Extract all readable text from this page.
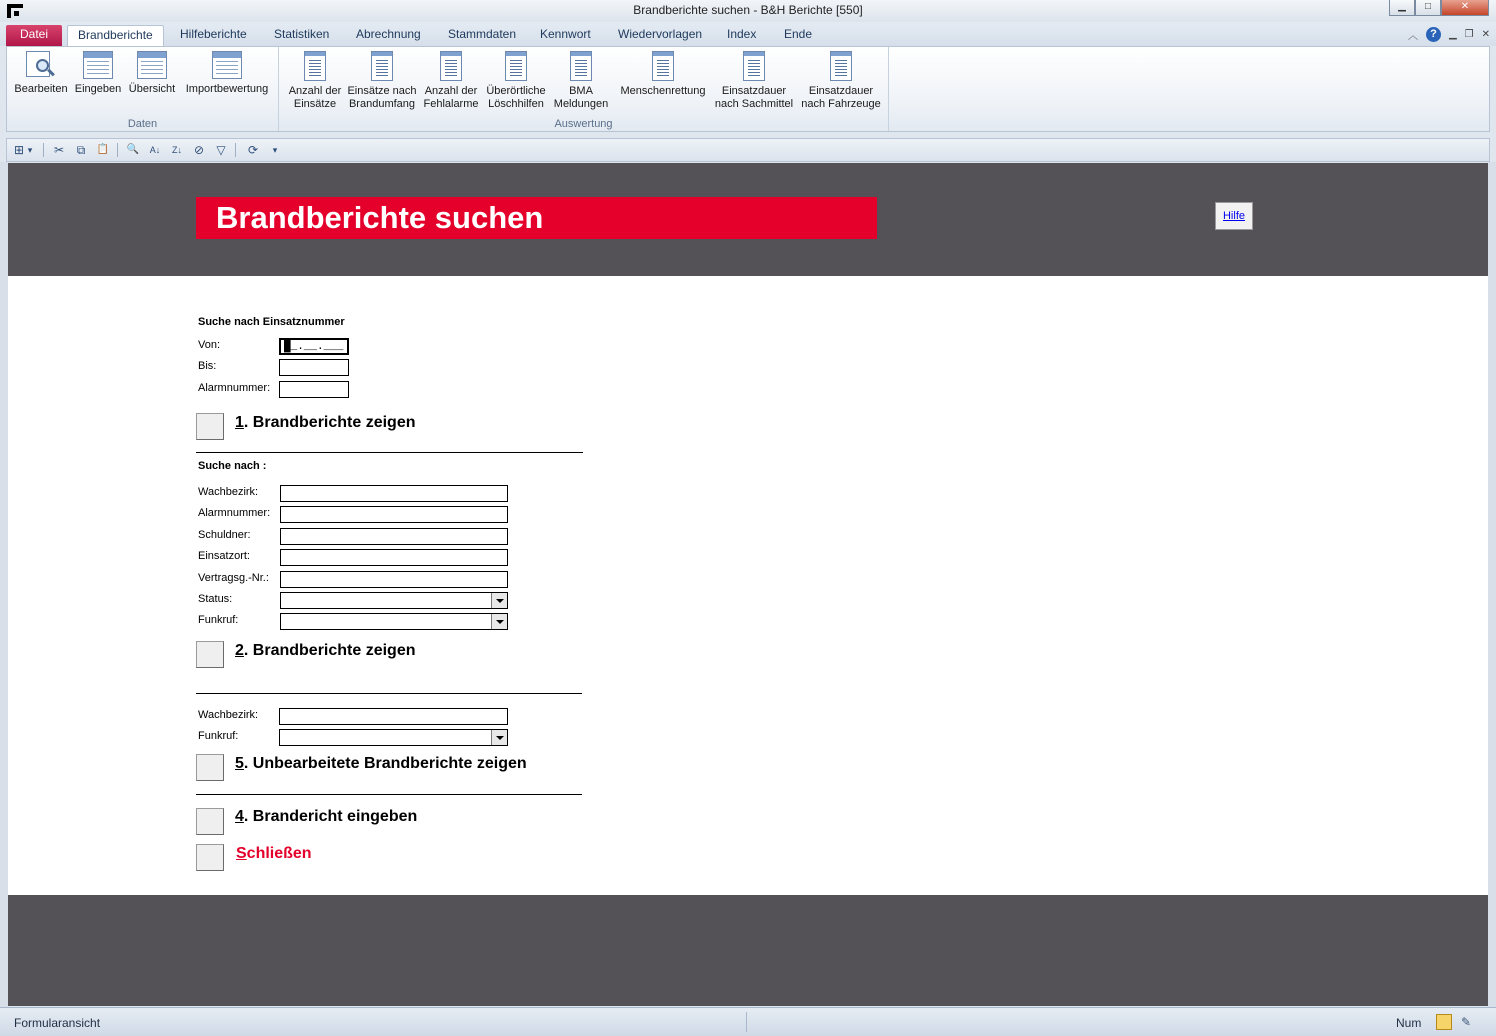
Brandberichte suchen - B&H Berichte [550]	▁	□	✕
Datei	Brandberichte	Hilfeberichte	Statistiken	Abrechnung	Stammdaten	Kennwort	Wiedervorlagen	Index	Ende	︿	?	▁ ❐ ✕
Bearbeiten Eingeben Übersicht Importbewertung
Daten
Anzahl der
Einsätze
Einsätze nach
Brandumfang
Anzahl der
Fehlalarme
Überörtliche
Löschhilfen
BMA
Meldungen
Menschenrettung	Einsatzdauer
nach Sachmittel
Einsatzdauer
nach Fahrzeuge
Auswertung
⊞ ▾ ✂	⧉	📋 🔍	A↓	Z↓ ⊘ ▽ ⟳	▾
Brandberichte suchen	Hilfe
Suche nach Einsatznummer
Von:	█_.__.___
Bis:
Alarmnummer:
1. Brandberichte zeigen
Suche nach :
Wachbezirk:
Alarmnummer:
Schuldner:
Einsatzort:
Vertragsg.-Nr.:
Status:
Funkruf:
2. Brandberichte zeigen
Wachbezirk:
Funkruf:
5. Unbearbeitete Brandberichte zeigen
4. Brandericht eingeben
Schließen
Formularansicht	Num	✎
